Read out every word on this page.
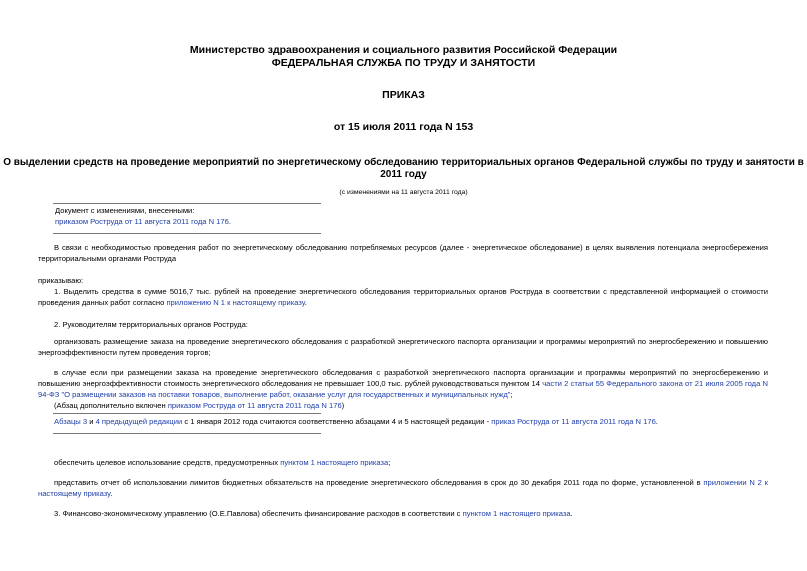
Министерство здравоохранения и социального развития Российской Федерации
ФЕДЕРАЛЬНАЯ СЛУЖБА ПО ТРУДУ И ЗАНЯТОСТИ
ПРИКАЗ
от 15 июля 2011 года N 153
О выделении средств на проведение мероприятий по энергетическому обследованию территориальных органов Федеральной службы по труду и занятости в
2011 году
(с изменениями на 11 августа 2011 года)
Документ с изменениями, внесенными:
приказом Роструда от 11 августа 2011 года N 176.
В связи с необходимостью проведения работ по энергетическому обследованию потребляемых ресурсов (далее - энергетическое обследование) в целях выявления потенциала энергосбережения территориальными органами Роструда
приказываю:
1. Выделить средства в сумме 5016,7 тыс. рублей на проведение энергетического обследования территориальных органов Роструда в соответствии с представленной информацией о стоимости проведения данных работ согласно приложению N 1 к настоящему приказу.
2. Руководителям территориальных органов Роструда:
организовать размещение заказа на проведение энергетического обследования с разработкой энергетического паспорта организации и программы мероприятий по энергосбережению и повышению энергоэффективности путем проведения торгов;
в случае если при размещении заказа на проведение энергетического обследования с разработкой энергетического паспорта организации и программы мероприятий по энергосбережению и повышению энергоэффективности стоимость энергетического обследования не превышает 100,0 тыс. рублей руководствоваться пунктом 14 части 2 статьи 55 Федерального закона от 21 июля 2005 года N 94-ФЗ "О размещении заказов на поставки товаров, выполнение работ, оказание услуг для государственных и муниципальных нужд";
(Абзац дополнительно включен приказом Роструда от 11 августа 2011 года N 176)
Абзацы 3 и 4 предыдущей редакции с 1 января 2012 года считаются соответственно абзацами 4 и 5 настоящей редакции - приказ Роструда от 11 августа 2011 года N 176.
обеспечить целевое использование средств, предусмотренных пунктом 1 настоящего приказа;
представить отчет об использовании лимитов бюджетных обязательств на проведение энергетического обследования в срок до 30 декабря 2011 года по форме, установленной в приложении N 2 к настоящему приказу.
3. Финансово-экономическому управлению (О.Е.Павлова) обеспечить финансирование расходов в соответствии с пунктом 1 настоящего приказа.
